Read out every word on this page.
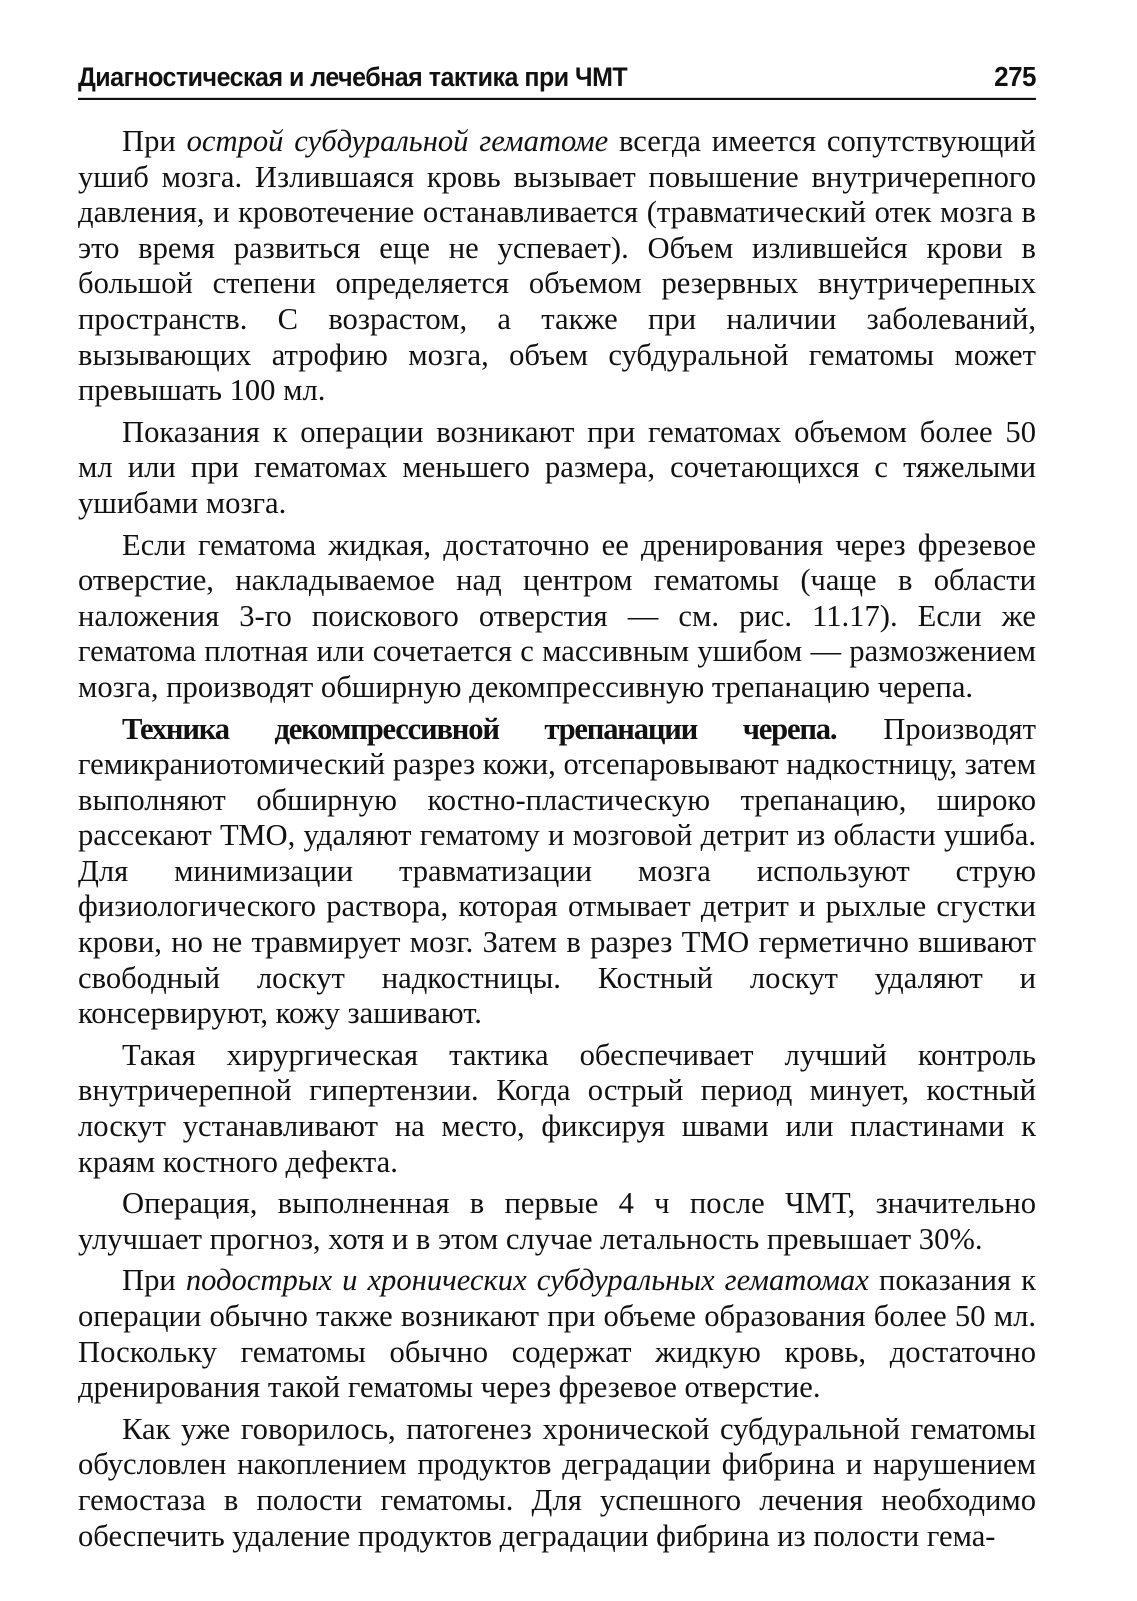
Диагностическая и лечебная тактика при ЧМТ	275

При острой субдуральной гематоме всегда имеется сопутствующий ушиб мозга. Излившаяся кровь вызывает повышение внутричерепного давления, и кровотечение останавливается (травматический отек мозга в это время развиться еще не успевает). Объем излившейся крови в большой степени определяется объемом резервных внутричерепных пространств. С возрастом, а также при наличии заболеваний, вызывающих атрофию мозга, объем субдуральной гематомы может превышать 100 мл.

Показания к операции возникают при гематомах объемом более 50 мл или при гематомах меньшего размера, сочетающихся с тяжелыми ушибами мозга.

Если гематома жидкая, достаточно ее дренирования через фрезевое отверстие, накладываемое над центром гематомы (чаще в области наложения 3-го поискового отверстия — см. рис. 11.17). Если же гематома плотная или сочетается с массивным ушибом — размозжением мозга, производят обширную декомпрессивную трепанацию черепа.

Техника декомпрессивной трепанации черепа. Производят гемикраниотомический разрез кожи, отсепаровывают надкостницу, затем выполняют обширную костно-пластическую трепанацию, широко рассекают ТМО, удаляют гематому и мозговой детрит из области ушиба. Для минимизации травматизации мозга используют струю физиологического раствора, которая отмывает детрит и рыхлые сгустки крови, но не травмирует мозг. Затем в разрез ТМО герметично вшивают свободный лоскут надкостницы. Костный лоскут удаляют и консервируют, кожу зашивают.

Такая хирургическая тактика обеспечивает лучший контроль внутричерепной гипертензии. Когда острый период минует, костный лоскут устанавливают на место, фиксируя швами или пластинами к краям костного дефекта.

Операция, выполненная в первые 4 ч после ЧМТ, значительно улучшает прогноз, хотя и в этом случае летальность превышает 30%.

При подострых и хронических субдуральных гематомах показания к операции обычно также возникают при объеме образования более 50 мл. Поскольку гематомы обычно содержат жидкую кровь, достаточно дренирования такой гематомы через фрезевое отверстие.

Как уже говорилось, патогенез хронической субдуральной гематомы обусловлен накоплением продуктов деградации фибрина и нарушением гемостаза в полости гематомы. Для успешного лечения необходимо обеспечить удаление продуктов деградации фибрина из полости гема-
